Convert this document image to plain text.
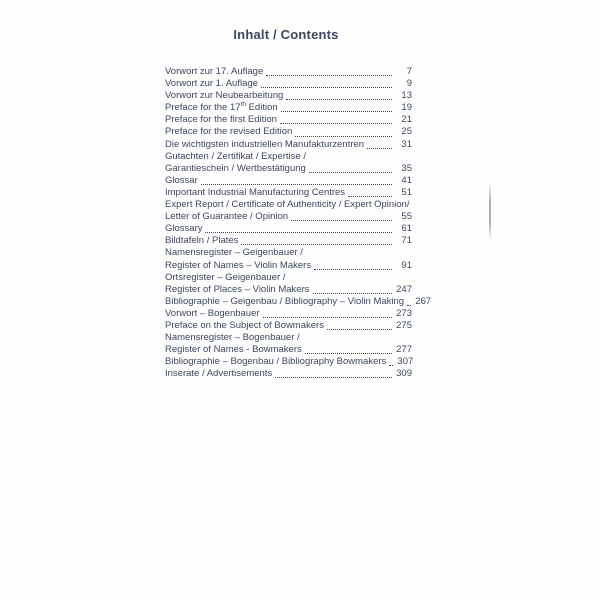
Inhalt / Contents
Vorwort zur 17. Auflage	7
Vorwort zur 1. Auflage	9
Vorwort zur Neubearbeitung	13
Preface for the 17th Edition	19
Preface for the first Edition	21
Preface for the revised Edition	25
Die wichtigsten industriellen Manufakturzentren	31
Gutachten / Zertifikat / Expertise /
Garantieschein / Wertbestätigung	35
Glossar	41
Important Industrial Manufacturing Centres	51
Expert Report / Certificate of Authenticity / Expert Opinion/
Letter of Guarantee / Opinion	55
Glossary	61
Bildtafeln / Plates	71
Namensregister – Geigenbauer /
Register of Names – Violin Makers	91
Ortsregister – Geigenbauer /
Register of Places – Violin Makers	247
Bibliographie – Geigenbau / Bibliography – Violin Making 267
Vorwort – Bogenbauer	273
Preface on the Subject of Bowmakers	275
Namensregister – Bogenbauer /
Register of Names - Bowmakers	277
Bibliographie – Bogenbau / Bibliography Bowmakers 307
Inserate / Advertisements	309
